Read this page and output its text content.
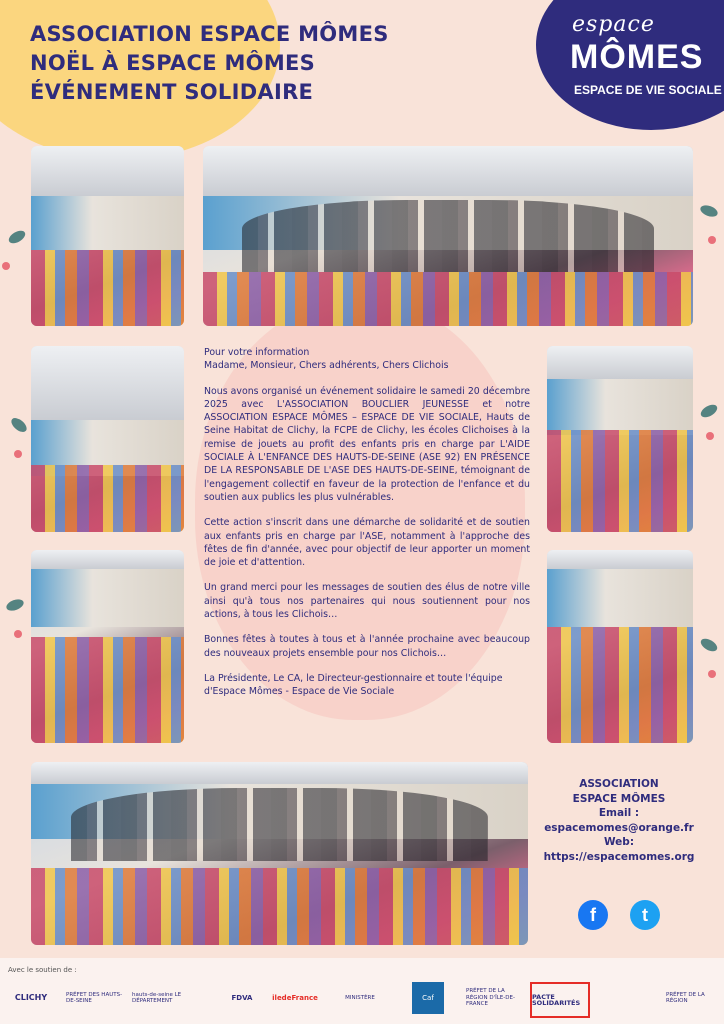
ASSOCIATION ESPACE MÔMES
NOËL À ESPACE MÔMES
ÉVÉNEMENT SOLIDAIRE
espace
MÔMES
ESPACE DE VIE SOCIALE

Pour votre information

Madame, Monsieur, Chers adhérents, Chers Clichois

Nous avons organisé un événement solidaire le samedi 20 décembre 2025 avec L'ASSOCIATION BOUCLIER JEUNESSE et notre ASSOCIATION ESPACE MÔMES – ESPACE DE VIE SOCIALE, Hauts de Seine Habitat de Clichy, la FCPE de Clichy, les écoles Clichoises à la remise de jouets au profit des enfants pris en charge par L'AIDE SOCIALE À L'ENFANCE DES HAUTS-DE-SEINE (ASE 92) EN PRÉSENCE DE LA RESPONSABLE DE L'ASE DES HAUTS-DE-SEINE, témoignant de l'engagement collectif en faveur de la protection de l'enfance et du soutien aux publics les plus vulnérables.

Cette action s'inscrit dans une démarche de solidarité et de soutien aux enfants pris en charge par l'ASE, notamment à l'approche des fêtes de fin d'année, avec pour objectif de leur apporter un moment de joie et d'attention.

Un grand merci pour les messages de soutien des élus de notre ville ainsi qu'à tous nos partenaires qui nous soutiennent pour nos actions, à tous les Clichois…

Bonnes fêtes à toutes à tous et à l'année prochaine avec beaucoup des nouveaux projets ensemble pour nos Clichois…

La Présidente, Le CA, le Directeur-gestionnaire et toute l'équipe d'Espace Mômes - Espace de Vie Sociale

ASSOCIATION
ESPACE MÔMES
Email :
espacemomes@orange.fr
Web:
https://espacemomes.org
f	t
Avec le soutien de :
CLICHY	PRÉFET DES HAUTS-DE-SEINE
hauts-de-seine LE DÉPARTEMENT	FDVA	iledeFrance	MINISTÈRE	Caf
PRÉFET DE LA RÉGION D'ÎLE-DE-FRANCE
PACTE SOLIDARITÉS
PRÉFET DE LA RÉGION
